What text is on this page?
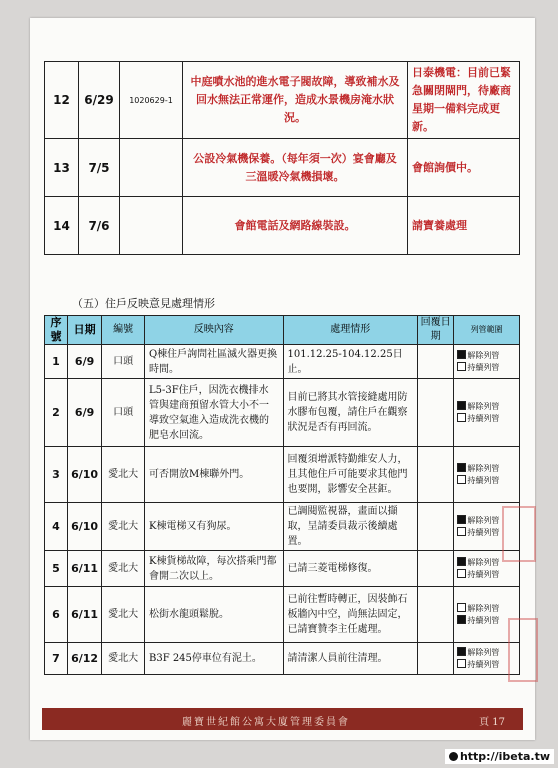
12	6/29	1020629-1	中庭噴水池的進水電子閥故障，導致補水及回水無法正常運作，造成水景機房淹水狀況。	日泰機電：目前已緊急關閉閘門，待廠商星期一備料完成更新。
13	7/5		公設冷氣機保養。（每年須一次）宴會廳及三溫暖冷氣機損壞。	會館詢價中。
14	7/6		會館電話及網路線裝設。	請寶養處理
（五）住戶反映意見處理情形
序號	日期	編號	反映內容	處理情形	回覆日期	列管範圍
1	6/9	口頭	Q棟住戶詢問社區滅火器更換時間。	101.12.25-104.12.25日止。		解除列管
持續列管

2	6/9	口頭	L5-3F住戶，因洗衣機排水管與建商預留水管大小不一導致空氣進入造成洗衣機的肥皂水回流。	目前已將其水管接縫處用防水膠布包覆，請住戶在觀察狀況是否有再回流。		解除列管
持續列管

3	6/10	愛北大	可否開放M棟聯外門。	回覆須增派特勤維安人力，且其他住戶可能要求其他門也要開，影響安全甚鉅。		解除列管
持續列管

4	6/10	愛北大	K棟電梯又有狗尿。	已調閱監視器，畫面以擷取，呈請委員裁示後續處置。		解除列管
持續列管

5	6/11	愛北大	K棟貨梯故障，每次搭乘門都會開二次以上。	已請三菱電梯修復。		解除列管
持續列管

6	6/11	愛北大	松街水龍頭鬆脫。	已前往暫時轉正，因裝飾石板牆內中空，尚無法固定，已請寶贊李主任處理。		解除列管
持續列管

7	6/12	愛北大	B3F 245停車位有泥土。	請清潔人員前往清理。		解除列管
持續列管
麗寶世紀館公寓大廈管理委員會	頁 17
http://ibeta.tw
